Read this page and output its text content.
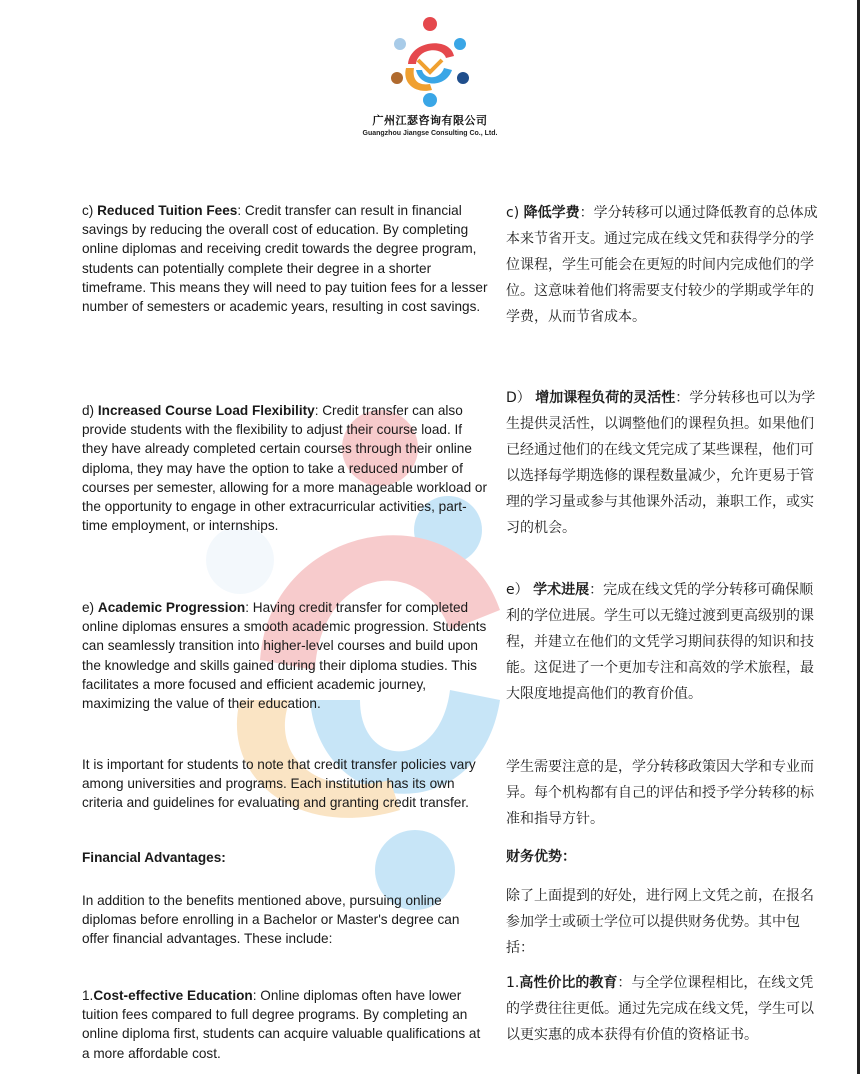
广州江瑟咨询有限公司
Guangzhou Jiangse Consulting Co., Ltd.

c) Reduced Tuition Fees: Credit transfer can result in financial savings by reducing the overall cost of education. By completing online diplomas and receiving credit towards the degree program, students can potentially complete their degree in a shorter timeframe. This means they will need to pay tuition fees for a lesser number of semesters or academic years, resulting in cost savings.

d) Increased Course Load Flexibility: Credit transfer can also provide students with the flexibility to adjust their course load. If they have already completed certain courses through their online diploma, they may have the option to take a reduced number of courses per semester, allowing for a more manageable workload or the opportunity to engage in other extracurricular activities, part-time employment, or internships.

e) Academic Progression: Having credit transfer for completed online diplomas ensures a smooth academic progression. Students can seamlessly transition into higher-level courses and build upon the knowledge and skills gained during their diploma studies. This facilitates a more focused and efficient academic journey, maximizing the value of their education.

It is important for students to note that credit transfer policies vary among universities and programs. Each institution has its own criteria and guidelines for evaluating and granting credit transfer.

Financial Advantages:

In addition to the benefits mentioned above, pursuing online diplomas before enrolling in a Bachelor or Master's degree can offer financial advantages. These include:

1.Cost-effective Education: Online diplomas often have lower tuition fees compared to full degree programs. By completing an online diploma first, students can acquire valuable qualifications at a more affordable cost.

c) 降低学费：学分转移可以通过降低教育的总体成本来节省开支。通过完成在线文凭和获得学分的学位课程，学生可能会在更短的时间内完成他们的学位。这意味着他们将需要支付较少的学期或学年的学费，从而节省成本。

D） 增加课程负荷的灵活性：学分转移也可以为学生提供灵活性，以调整他们的课程负担。如果他们已经通过他们的在线文凭完成了某些课程，他们可以选择每学期选修的课程数量减少，允许更易于管理的学习量或参与其他课外活动，兼职工作，或实习的机会。

e） 学术进展：完成在线文凭的学分转移可确保顺利的学位进展。学生可以无缝过渡到更高级别的课程，并建立在他们的文凭学习期间获得的知识和技能。这促进了一个更加专注和高效的学术旅程，最大限度地提高他们的教育价值。

学生需要注意的是，学分转移政策因大学和专业而异。每个机构都有自己的评估和授予学分转移的标准和指导方针。

财务优势：

除了上面提到的好处，进行网上文凭之前，在报名参加学士或硕士学位可以提供财务优势。其中包括：

1.高性价比的教育：与全学位课程相比，在线文凭的学费往往更低。通过先完成在线文凭，学生可以以更实惠的成本获得有价值的资格证书。
